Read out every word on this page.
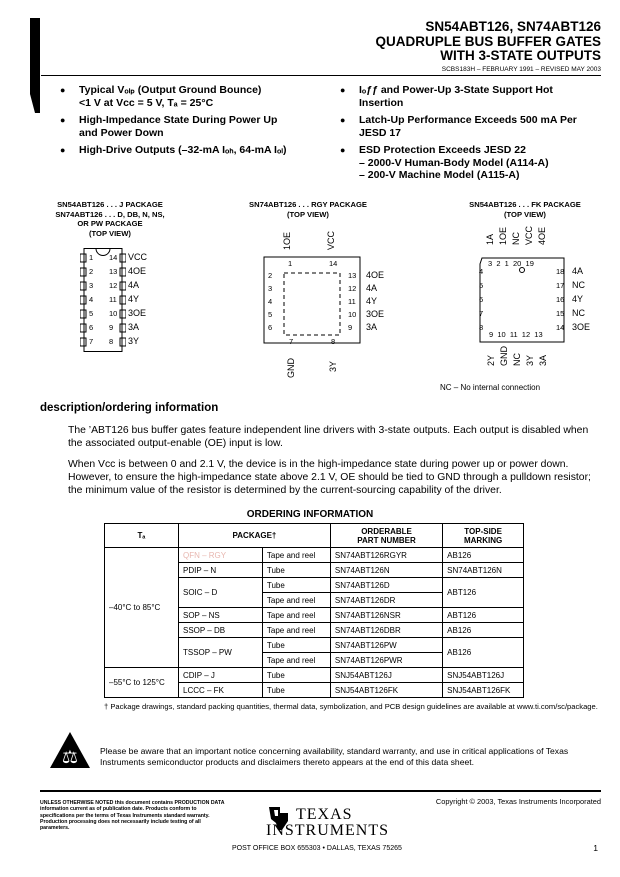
SN54ABT126, SN74ABT126
QUADRUPLE BUS BUFFER GATES
WITH 3-STATE OUTPUTS
SCBS183H – FEBRUARY 1991 – REVISED MAY 2003
● Typical Vₒₗₚ (Output Ground Bounce)
<1 V at Vᴄᴄ = 5 V, Tₐ = 25°C
● High-Impedance State During Power Up
and Power Down
● High-Drive Outputs (–32-mA Iₒₕ, 64-mA Iₒₗ)
● Iₒƒƒ and Power-Up 3-State Support Hot
Insertion
● Latch-Up Performance Exceeds 500 mA Per
JESD 17
● ESD Protection Exceeds JESD 22
– 2000-V Human-Body Model (A114-A)
– 200-V Machine Model (A115-A)
SN54ABT126 . . . J PACKAGE
SN74ABT126 . . . D, DB, N, NS,
OR PW PACKAGE
(TOP VIEW)
1
2
3
4
5
6
7
14 VCC
13 4OE
12 4A
11 4Y
10 3OE
9 3A
8 3Y
SN74ABT126 . . . RGY PACKAGE
(TOP VIEW)
1OE	VCC
1	14
2
3
4
5
6
13 4OE
12 4A
11 4Y
10 3OE
9 3A
7	8
GND	3Y
SN54ABT126 . . . FK PACKAGE
(TOP VIEW)
1A 1OE NC VCC 4OE
3  2  1  20  19
4
5
6
7
8
18 4A
17 NC
16 4Y
15 NC
14 3OE
9  10  11  12  13
2Y GND NC 3Y 3A
NC – No internal connection
description/ordering information
The ’ABT126 bus buffer gates feature independent line drivers with 3-state outputs. Each output is disabled when the associated output-enable (OE) input is low.
When Vᴄᴄ is between 0 and 2.1 V, the device is in the high-impedance state during power up or power down. However, to ensure the high-impedance state above 2.1 V, OE should be tied to GND through a pulldown resistor; the minimum value of the resistor is determined by the current-sourcing capability of the driver.
ORDERING INFORMATION
Tₐ	PACKAGE†		ORDERABLE
PART NUMBER	TOP-SIDE
MARKING
–40°C to 85°C	QFN – RGY	Tape and reel	SN74ABT126RGYR	AB126
	PDIP – N	Tube	SN74ABT126N	SN74ABT126N
	SOIC – D	Tube	SN74ABT126D	ABT126
		Tape and reel	SN74ABT126DR	
	SOP – NS	Tape and reel	SN74ABT126NSR	ABT126
	SSOP – DB	Tape and reel	SN74ABT126DBR	AB126
	TSSOP – PW	Tube	SN74ABT126PW	AB126
		Tape and reel	SN74ABT126PWR	
–55°C to 125°C	CDIP – J	Tube	SNJ54ABT126J	SNJ54ABT126J
	LCCC – FK	Tube	SNJ54ABT126FK	SNJ54ABT126FK
† Package drawings, standard packing quantities, thermal data, symbolization, and PCB design guidelines are available at www.ti.com/sc/package.
⚖	Please be aware that an important notice concerning availability, standard warranty, and use in critical applications of Texas Instruments semiconductor products and disclaimers thereto appears at the end of this data sheet.
UNLESS OTHERWISE NOTED this document contains PRODUCTION DATA information current as of publication date. Products conform to specifications per the terms of Texas Instruments standard warranty. Production processing does not necessarily include testing of all parameters.
Copyright © 2003, Texas Instruments Incorporated
TEXAS
INSTRUMENTS
POST OFFICE BOX 655303 • DALLAS, TEXAS 75265	1
